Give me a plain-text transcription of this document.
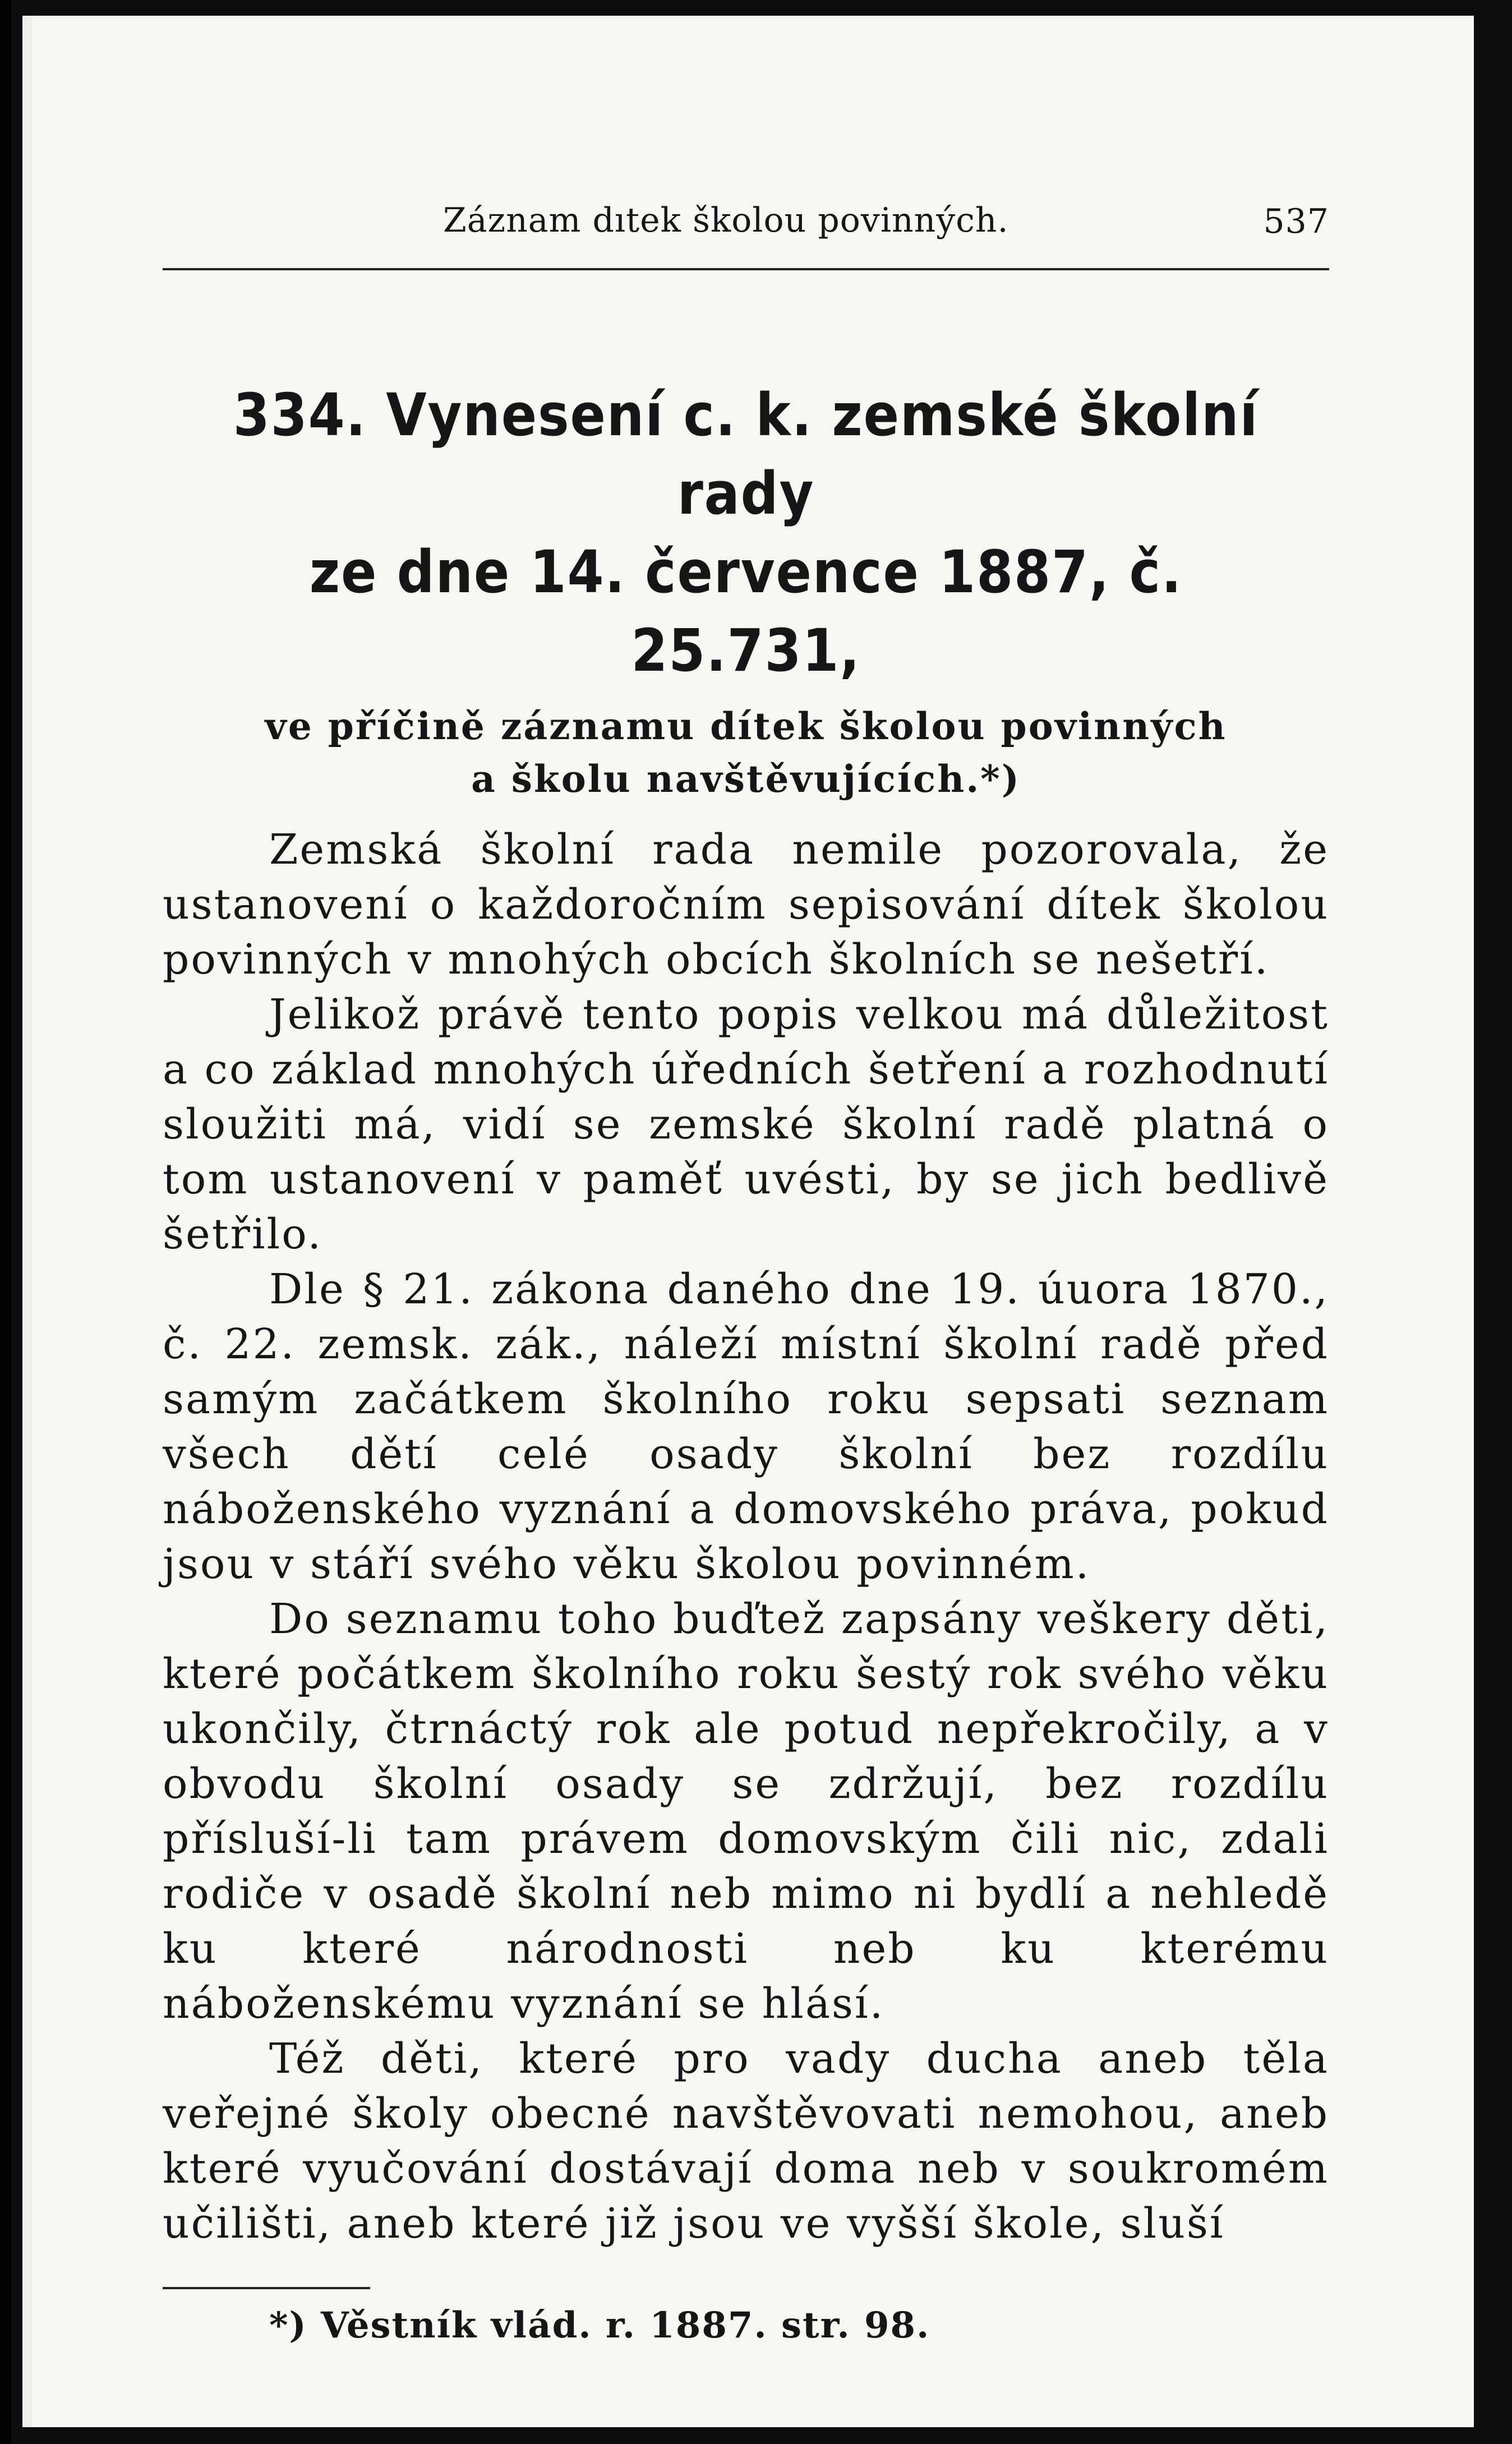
Záznam dıtek školou povinných.	537
334. Vynesení c. k. zemské školní rady
ze dne 14. července 1887, č. 25.731,
ve příčině záznamu dítek školou povinných
a školu navštěvujících.*)

Zemská školní rada nemile pozorovala, že ustanovení o každoročním sepisování dítek školou povinných v mnohých obcích školních se nešetří.

Jelikož právě tento popis velkou má důležitost a co základ mnohých úředních šetření a rozhodnutí sloužiti má, vidí se zemské školní radě platná o tom ustanovení v paměť uvésti, by se jich bedlivě šetřilo.

Dle § 21. zákona daného dne 19. úuora 1870., č. 22. zemsk. zák., náleží místní školní radě před samým začátkem školního roku sepsati seznam všech dětí celé osady školní bez rozdílu náboženského vyznání a domovského práva, pokud jsou v stáří svého věku školou povinném.

Do seznamu toho buďtež zapsány veškery děti, které počátkem školního roku šestý rok svého věku ukončily, čtrnáctý rok ale potud nepřekročily, a v obvodu školní osady se zdržují, bez rozdílu přísluší-li tam právem domovským čili nic, zdali rodiče v osadě školní neb mimo ni bydlí a nehledě ku které národnosti neb ku kterému náboženskému vyznání se hlásí.

Též děti, které pro vady ducha aneb těla veřejné školy obecné navštěvovati nemohou, aneb které vyučování dostávají doma neb v soukromém učilišti, aneb které již jsou ve vyšší škole, sluší

*) Věstník vlád. r. 1887. str. 98.
